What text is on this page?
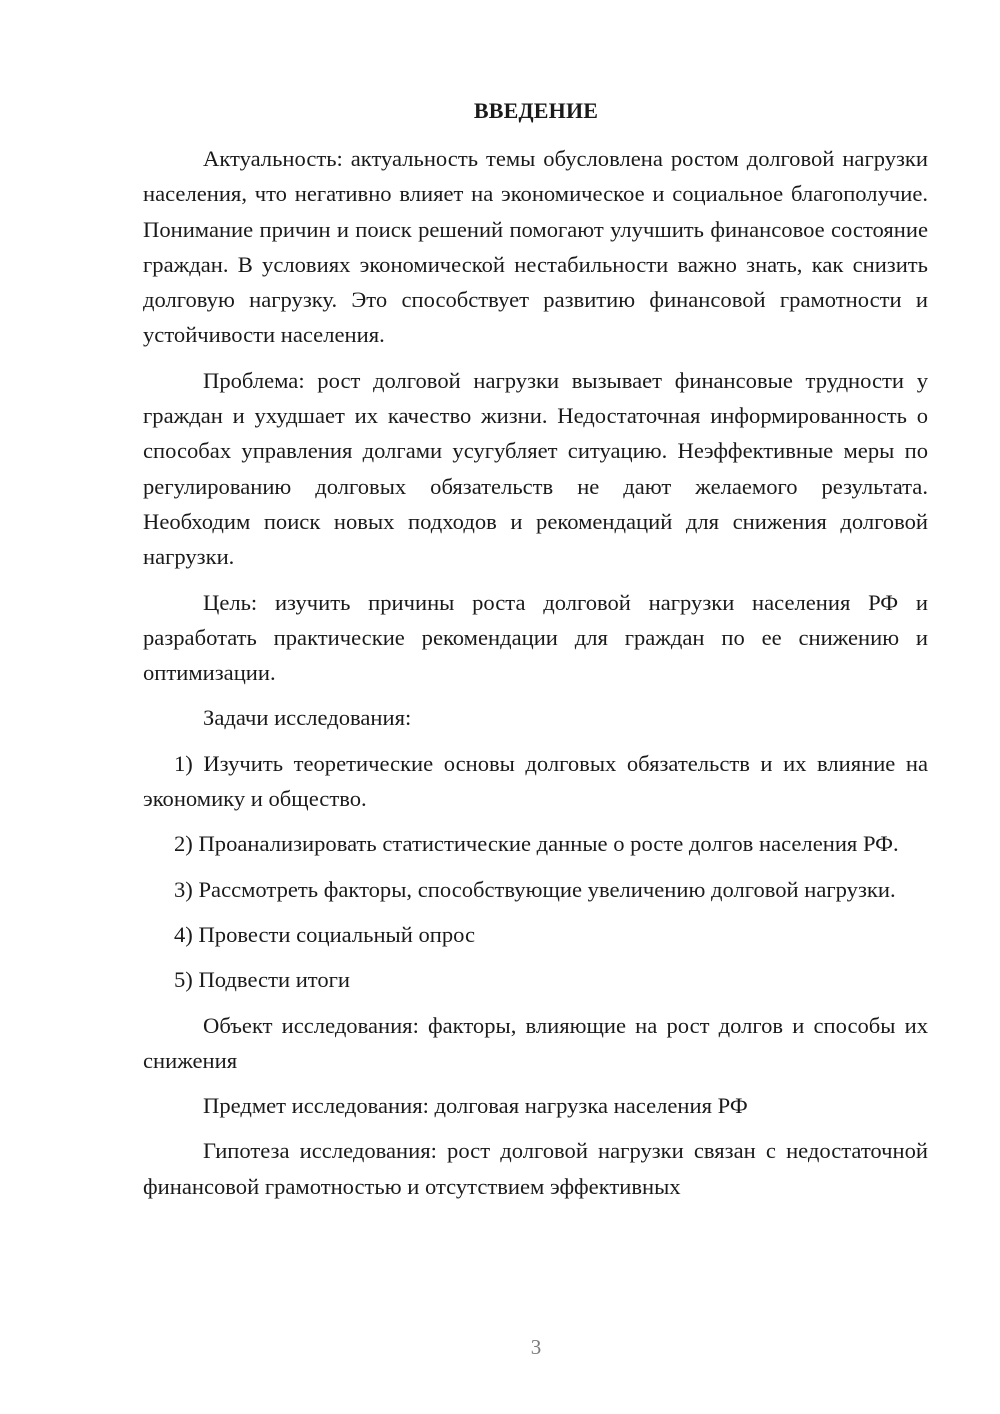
ВВЕДЕНИЕ

Актуальность: актуальность темы обусловлена ростом долговой нагрузки населения, что негативно влияет на экономическое и социальное благополучие. Понимание причин и поиск решений помогают улучшить финансовое состояние граждан. В условиях экономической нестабильности важно знать, как снизить долговую нагрузку. Это способствует развитию финансовой грамотности и устойчивости населения.

Проблема: рост долговой нагрузки вызывает финансовые трудности у граждан и ухудшает их качество жизни. Недостаточная информированность о способах управления долгами усугубляет ситуацию. Неэффективные меры по регулированию долговых обязательств не дают желаемого результата. Необходим поиск новых подходов и рекомендаций для снижения долговой нагрузки.

Цель: изучить причины роста долговой нагрузки населения РФ и разработать практические рекомендации для граждан по ее снижению и оптимизации.

Задачи исследования:

1) Изучить теоретические основы долговых обязательств и их влияние на экономику и общество.

2) Проанализировать статистические данные о росте долгов населения РФ.

3) Рассмотреть факторы, способствующие увеличению долговой нагрузки.

4) Провести социальный опрос

5) Подвести итоги

Объект исследования: факторы, влияющие на рост долгов и способы их снижения

Предмет исследования: долговая нагрузка населения РФ

Гипотеза исследования: рост долговой нагрузки связан с недостаточной финансовой грамотностью и отсутствием эффективных

3
